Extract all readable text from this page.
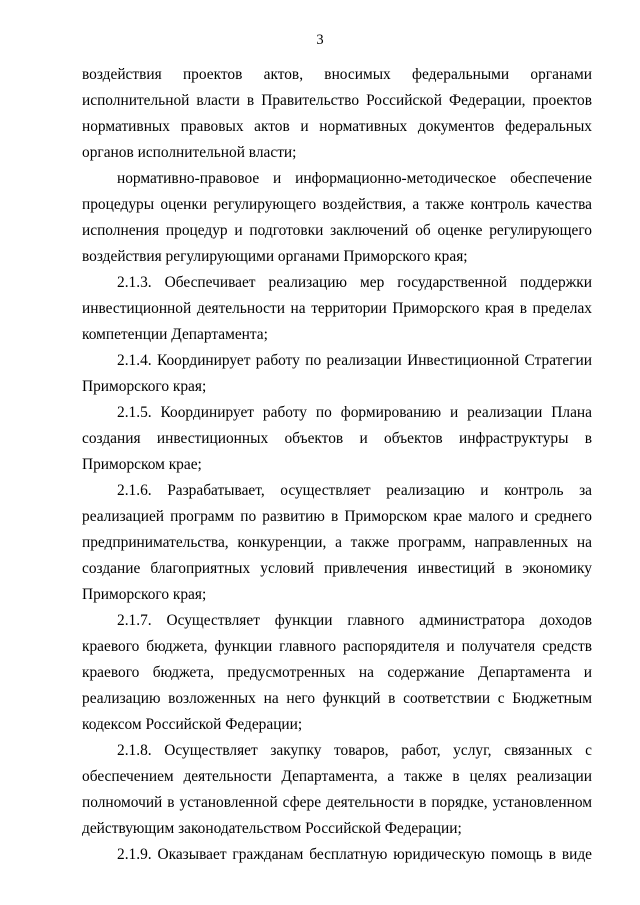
3

воздействия проектов актов, вносимых федеральными органами исполнительной власти в Правительство Российской Федерации, проектов нормативных правовых актов и нормативных документов федеральных органов исполнительной власти;

нормативно-правовое и информационно-методическое обеспечение процедуры оценки регулирующего воздействия, а также контроль качества исполнения процедур и подготовки заключений об оценке регулирующего воздействия регулирующими органами Приморского края;

2.1.3. Обеспечивает реализацию мер государственной поддержки инвестиционной деятельности на территории Приморского края в пределах компетенции Департамента;

2.1.4. Координирует работу по реализации Инвестиционной Стратегии Приморского края;

2.1.5. Координирует работу по формированию и реализации Плана создания инвестиционных объектов и объектов инфраструктуры в Приморском крае;

2.1.6. Разрабатывает, осуществляет реализацию и контроль за реализацией программ по развитию в Приморском крае малого и среднего предпринимательства, конкуренции, а также программ, направленных на создание благоприятных условий привлечения инвестиций в экономику Приморского края;

2.1.7. Осуществляет функции главного администратора доходов краевого бюджета, функции главного распорядителя и получателя средств краевого бюджета, предусмотренных на содержание Департамента и реализацию возложенных на него функций в соответствии с Бюджетным кодексом Российской Федерации;

2.1.8. Осуществляет закупку товаров, работ, услуг, связанных с обеспечением деятельности Департамента, а также в целях реализации полномочий в установленной сфере деятельности в порядке, установленном действующим законодательством Российской Федерации;

2.1.9. Оказывает гражданам бесплатную юридическую помощь в виде
